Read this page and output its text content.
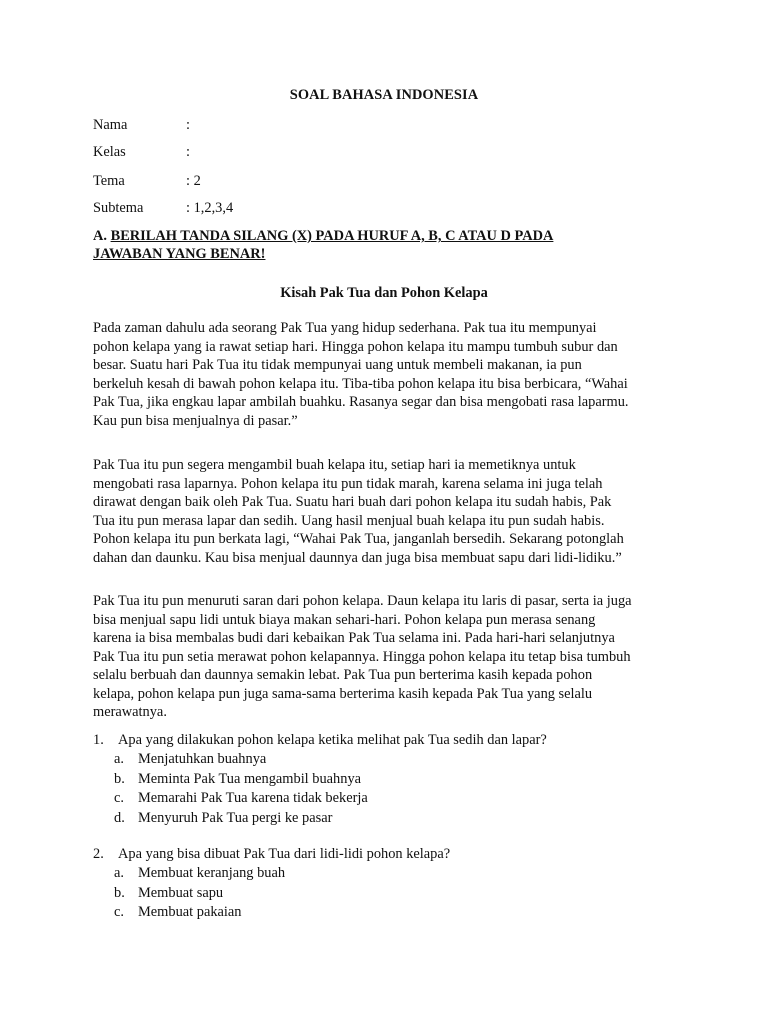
SOAL BAHASA INDONESIA
Nama	:
Kelas	:
Tema	: 2
Subtema	: 1,2,3,4
A. BERILAH TANDA SILANG (X) PADA HURUF A, B, C ATAU D PADA
JAWABAN YANG BENAR!
Kisah Pak Tua dan Pohon Kelapa
Pada zaman dahulu ada seorang Pak Tua yang hidup sederhana. Pak tua itu mempunyai
pohon kelapa yang ia rawat setiap hari. Hingga pohon kelapa itu mampu tumbuh subur dan
besar. Suatu hari Pak Tua itu tidak mempunyai uang untuk membeli makanan, ia pun
berkeluh kesah di bawah pohon kelapa itu. Tiba-tiba pohon kelapa itu bisa berbicara, “Wahai
Pak Tua, jika engkau lapar ambilah buahku. Rasanya segar dan bisa mengobati rasa laparmu.
Kau pun bisa menjualnya di pasar.”
Pak Tua itu pun segera mengambil buah kelapa itu, setiap hari ia memetiknya untuk
mengobati rasa laparnya. Pohon kelapa itu pun tidak marah, karena selama ini juga telah
dirawat dengan baik oleh Pak Tua. Suatu hari buah dari pohon kelapa itu sudah habis, Pak
Tua itu pun merasa lapar dan sedih. Uang hasil menjual buah kelapa itu pun sudah habis.
Pohon kelapa itu pun berkata lagi, “Wahai Pak Tua, janganlah bersedih. Sekarang potonglah
dahan dan daunku. Kau bisa menjual daunnya dan juga bisa membuat sapu dari lidi-lidiku.”
Pak Tua itu pun menuruti saran dari pohon kelapa. Daun kelapa itu laris di pasar, serta ia juga
bisa menjual sapu lidi untuk biaya makan sehari-hari. Pohon kelapa pun merasa senang
karena ia bisa membalas budi dari kebaikan Pak Tua selama ini. Pada hari-hari selanjutnya
Pak Tua itu pun setia merawat pohon kelapannya. Hingga pohon kelapa itu tetap bisa tumbuh
selalu berbuah dan daunnya semakin lebat. Pak Tua pun berterima kasih kepada pohon
kelapa, pohon kelapa pun juga sama-sama berterima kasih kepada Pak Tua yang selalu
merawatnya.
1. Apa yang dilakukan pohon kelapa ketika melihat pak Tua sedih dan lapar?
a. Menjatuhkan buahnya
b. Meminta Pak Tua mengambil buahnya
c. Memarahi Pak Tua karena tidak bekerja
d. Menyuruh Pak Tua pergi ke pasar
2. Apa yang bisa dibuat Pak Tua dari lidi-lidi pohon kelapa?
a. Membuat keranjang buah
b. Membuat sapu
c. Membuat pakaian
